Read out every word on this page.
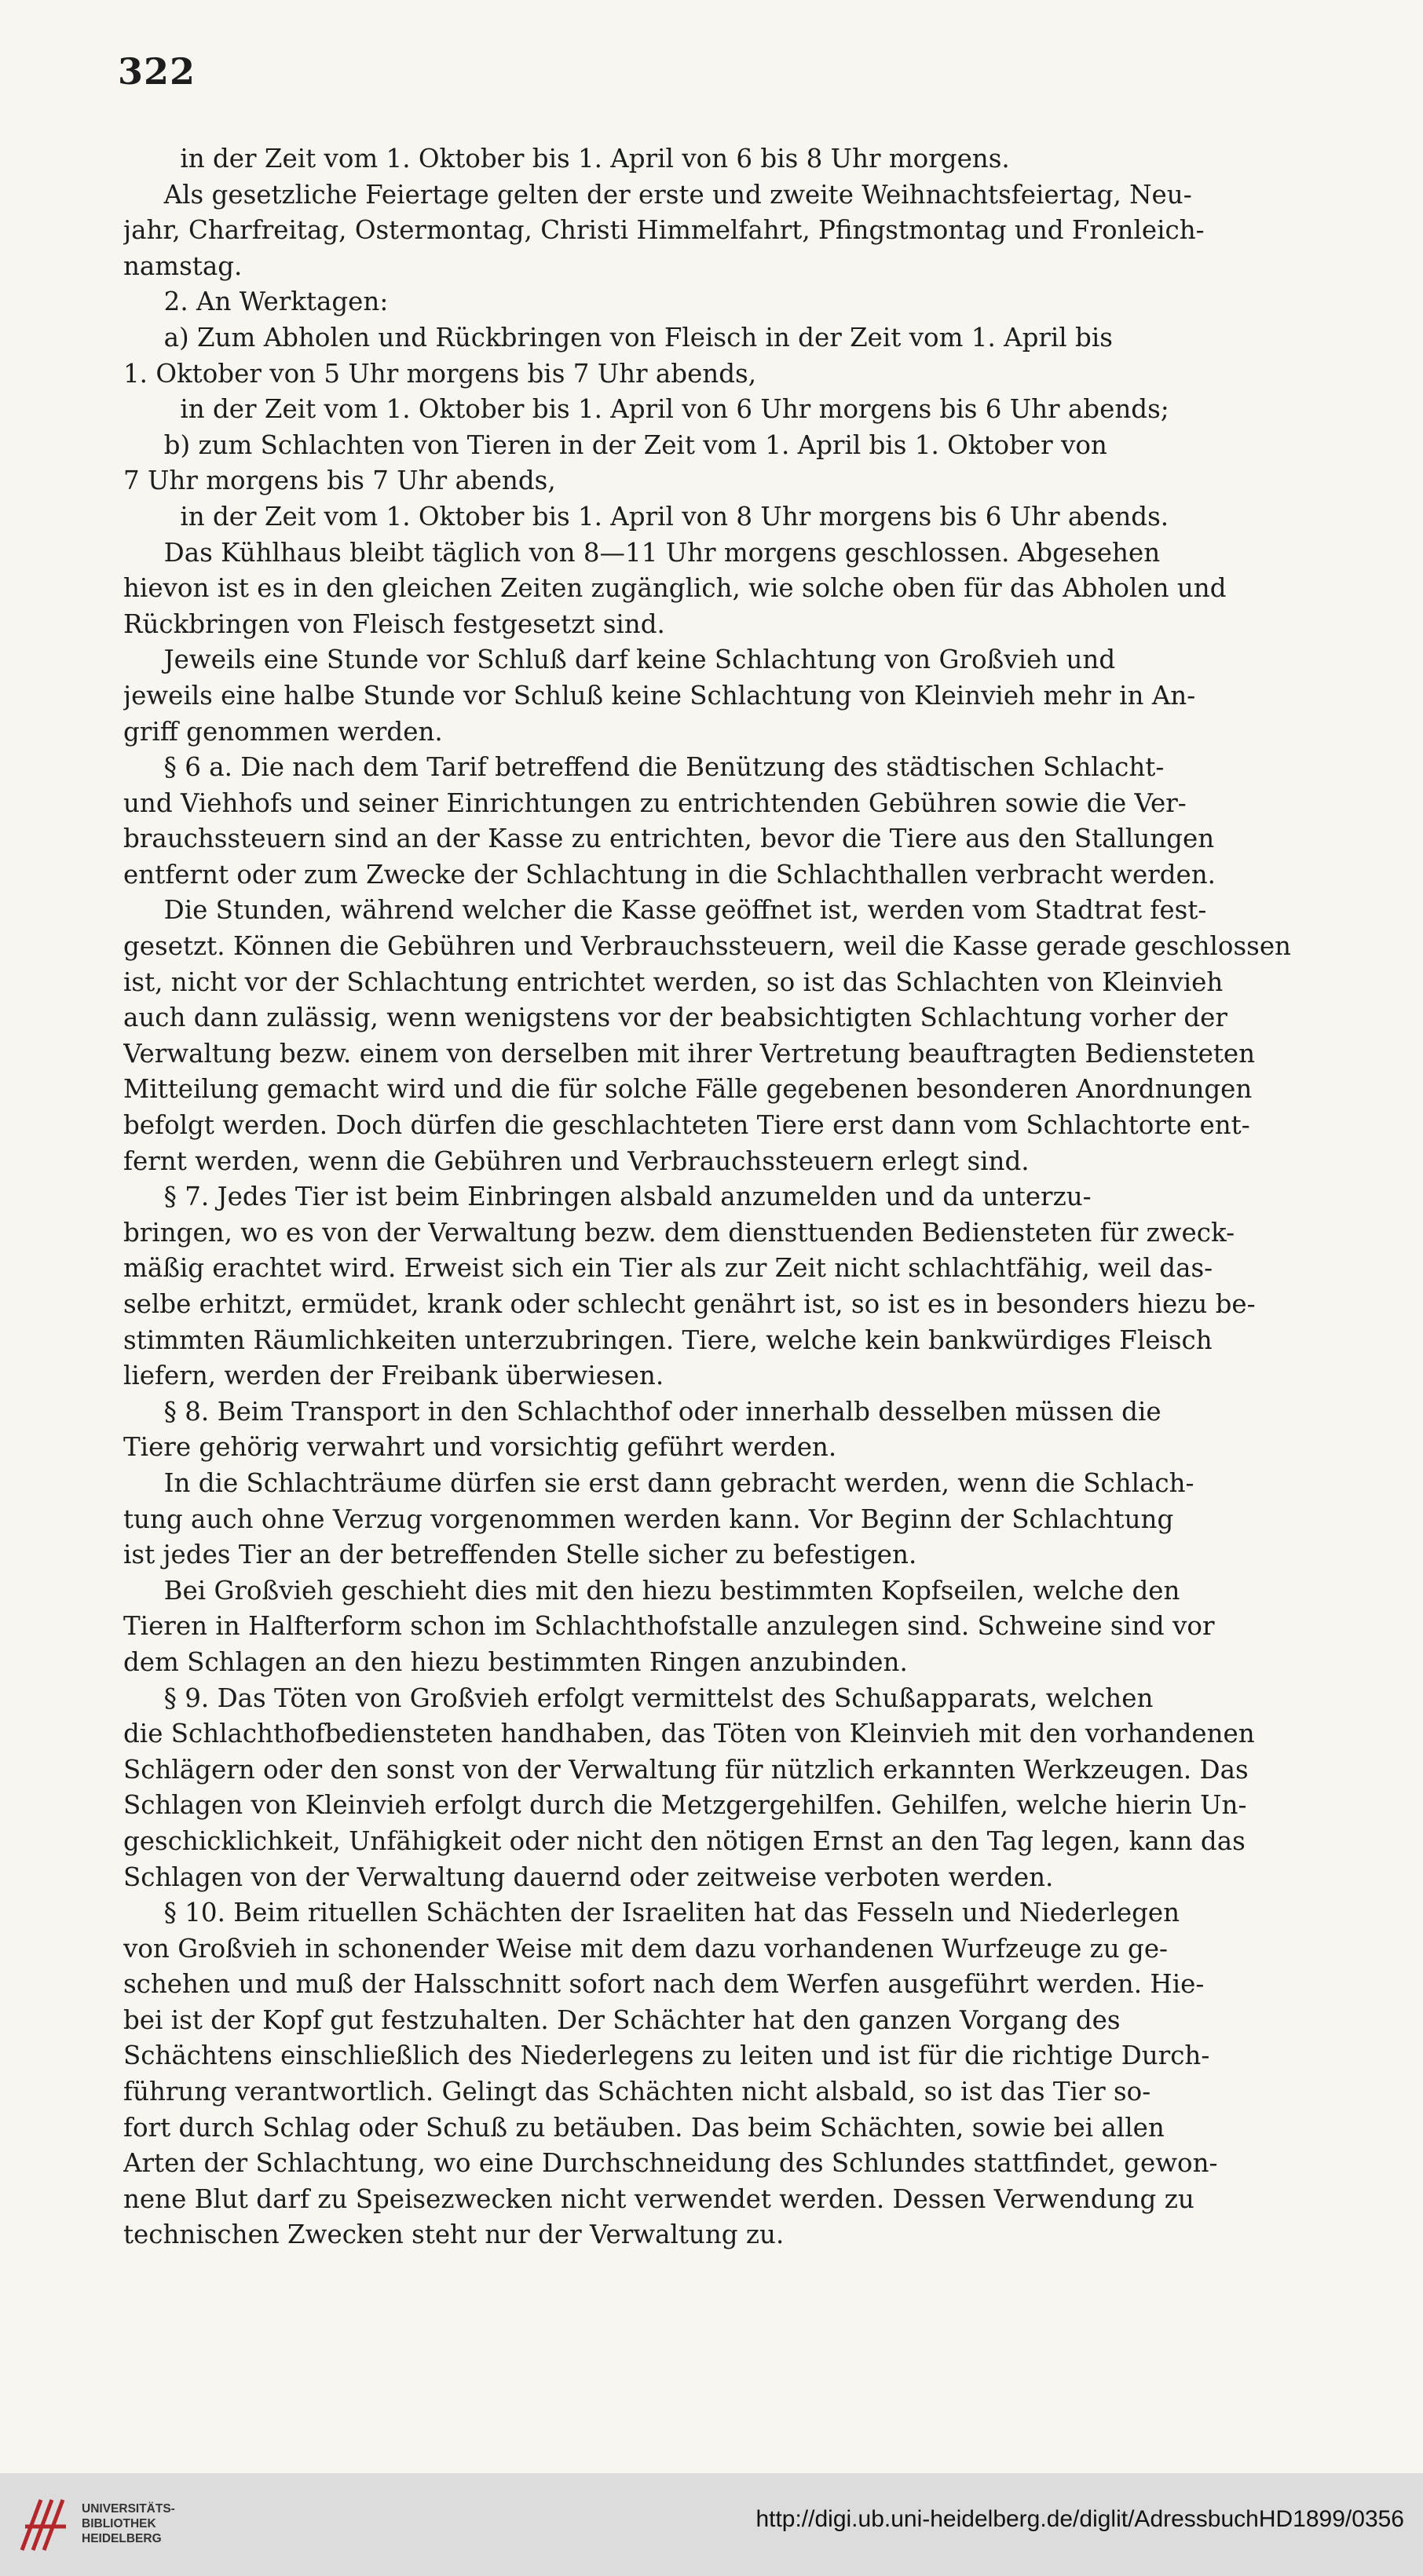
322
in der Zeit vom 1. Oktober bis 1. April von 6 bis 8 Uhr morgens.
Als gesetzliche Feiertage gelten der erste und zweite Weihnachtsfeiertag, Neu-
jahr, Charfreitag, Ostermontag, Christi Himmelfahrt, Pfingstmontag und Fronleich-
namstag.
2. An Werktagen:
a) Zum Abholen und Rückbringen von Fleisch in der Zeit vom 1. April bis
1. Oktober von 5 Uhr morgens bis 7 Uhr abends,
in der Zeit vom 1. Oktober bis 1. April von 6 Uhr morgens bis 6 Uhr abends;
b) zum Schlachten von Tieren in der Zeit vom 1. April bis 1. Oktober von
7 Uhr morgens bis 7 Uhr abends,
in der Zeit vom 1. Oktober bis 1. April von 8 Uhr morgens bis 6 Uhr abends.
Das Kühlhaus bleibt täglich von 8—11 Uhr morgens geschlossen. Abgesehen
hievon ist es in den gleichen Zeiten zugänglich, wie solche oben für das Abholen und
Rückbringen von Fleisch festgesetzt sind.
Jeweils eine Stunde vor Schluß darf keine Schlachtung von Großvieh und
jeweils eine halbe Stunde vor Schluß keine Schlachtung von Kleinvieh mehr in An-
griff genommen werden.
§ 6 a. Die nach dem Tarif betreffend die Benützung des städtischen Schlacht-
und Viehhofs und seiner Einrichtungen zu entrichtenden Gebühren sowie die Ver-
brauchssteuern sind an der Kasse zu entrichten, bevor die Tiere aus den Stallungen
entfernt oder zum Zwecke der Schlachtung in die Schlachthallen verbracht werden.
Die Stunden, während welcher die Kasse geöffnet ist, werden vom Stadtrat fest-
gesetzt. Können die Gebühren und Verbrauchssteuern, weil die Kasse gerade geschlossen
ist, nicht vor der Schlachtung entrichtet werden, so ist das Schlachten von Kleinvieh
auch dann zulässig, wenn wenigstens vor der beabsichtigten Schlachtung vorher der
Verwaltung bezw. einem von derselben mit ihrer Vertretung beauftragten Bediensteten
Mitteilung gemacht wird und die für solche Fälle gegebenen besonderen Anordnungen
befolgt werden. Doch dürfen die geschlachteten Tiere erst dann vom Schlachtorte ent-
fernt werden, wenn die Gebühren und Verbrauchssteuern erlegt sind.
§ 7. Jedes Tier ist beim Einbringen alsbald anzumelden und da unterzu-
bringen, wo es von der Verwaltung bezw. dem diensttuenden Bediensteten für zweck-
mäßig erachtet wird. Erweist sich ein Tier als zur Zeit nicht schlachtfähig, weil das-
selbe erhitzt, ermüdet, krank oder schlecht genährt ist, so ist es in besonders hiezu be-
stimmten Räumlichkeiten unterzubringen. Tiere, welche kein bankwürdiges Fleisch
liefern, werden der Freibank überwiesen.
§ 8. Beim Transport in den Schlachthof oder innerhalb desselben müssen die
Tiere gehörig verwahrt und vorsichtig geführt werden.
In die Schlachträume dürfen sie erst dann gebracht werden, wenn die Schlach-
tung auch ohne Verzug vorgenommen werden kann. Vor Beginn der Schlachtung
ist jedes Tier an der betreffenden Stelle sicher zu befestigen.
Bei Großvieh geschieht dies mit den hiezu bestimmten Kopfseilen, welche den
Tieren in Halfterform schon im Schlachthofstalle anzulegen sind. Schweine sind vor
dem Schlagen an den hiezu bestimmten Ringen anzubinden.
§ 9. Das Töten von Großvieh erfolgt vermittelst des Schußapparats, welchen
die Schlachthofbediensteten handhaben, das Töten von Kleinvieh mit den vorhandenen
Schlägern oder den sonst von der Verwaltung für nützlich erkannten Werkzeugen. Das
Schlagen von Kleinvieh erfolgt durch die Metzgergehilfen. Gehilfen, welche hierin Un-
geschicklichkeit, Unfähigkeit oder nicht den nötigen Ernst an den Tag legen, kann das
Schlagen von der Verwaltung dauernd oder zeitweise verboten werden.
§ 10. Beim rituellen Schächten der Israeliten hat das Fesseln und Niederlegen
von Großvieh in schonender Weise mit dem dazu vorhandenen Wurfzeuge zu ge-
schehen und muß der Halsschnitt sofort nach dem Werfen ausgeführt werden. Hie-
bei ist der Kopf gut festzuhalten. Der Schächter hat den ganzen Vorgang des
Schächtens einschließlich des Niederlegens zu leiten und ist für die richtige Durch-
führung verantwortlich. Gelingt das Schächten nicht alsbald, so ist das Tier so-
fort durch Schlag oder Schuß zu betäuben. Das beim Schächten, sowie bei allen
Arten der Schlachtung, wo eine Durchschneidung des Schlundes stattfindet, gewon-
nene Blut darf zu Speisezwecken nicht verwendet werden. Dessen Verwendung zu
technischen Zwecken steht nur der Verwaltung zu.
UNIVERSITÄTS-
BIBLIOTHEK
HEIDELBERG
http://digi.ub.uni-heidelberg.de/diglit/AdressbuchHD1899/0356
